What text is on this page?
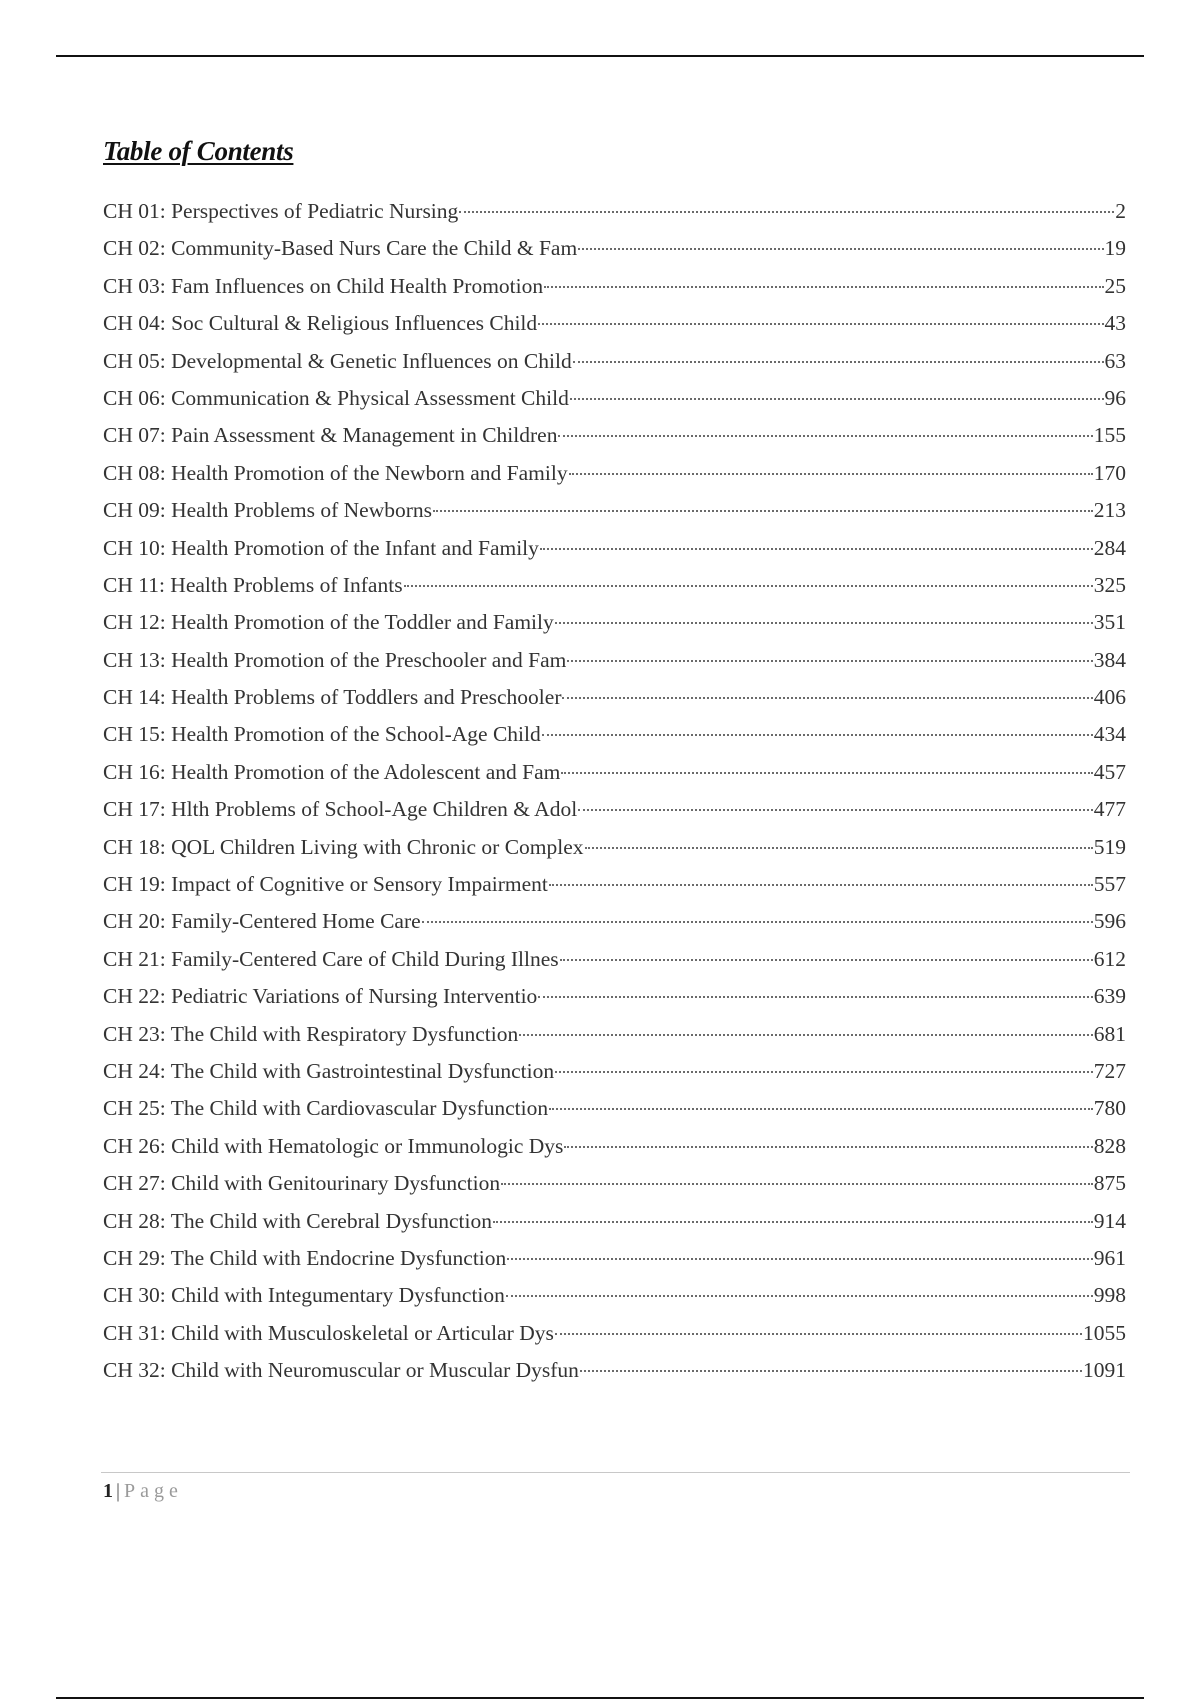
Table of Contents
CH 01: Perspectives of Pediatric Nursing	2
CH 02: Community-Based Nurs Care the Child & Fam	19
CH 03: Fam Influences on Child Health Promotion	25
CH 04: Soc Cultural & Religious Influences Child	43
CH 05: Developmental & Genetic Influences on Child	63
CH 06: Communication & Physical Assessment Child	96
CH 07: Pain Assessment & Management in Children	155
CH 08: Health Promotion of the Newborn and Family	170
CH 09: Health Problems of Newborns	213
CH 10: Health Promotion of the Infant and Family	284
CH 11: Health Problems of Infants	325
CH 12: Health Promotion of the Toddler and Family	351
CH 13: Health Promotion of the Preschooler and Fam	384
CH 14: Health Problems of Toddlers and Preschooler	406
CH 15: Health Promotion of the School-Age Child	434
CH 16: Health Promotion of the Adolescent and Fam	457
CH 17: Hlth Problems of School-Age Children & Adol	477
CH 18: QOL Children Living with Chronic or Complex	519
CH 19: Impact of Cognitive or Sensory Impairment	557
CH 20: Family-Centered Home Care	596
CH 21: Family-Centered Care of Child During Illnes	612
CH 22: Pediatric Variations of Nursing Interventio	639
CH 23: The Child with Respiratory Dysfunction	681
CH 24: The Child with Gastrointestinal Dysfunction	727
CH 25: The Child with Cardiovascular Dysfunction	780
CH 26: Child with Hematologic or Immunologic Dys	828
CH 27: Child with Genitourinary Dysfunction	875
CH 28: The Child with Cerebral Dysfunction	914
CH 29: The Child with Endocrine Dysfunction	961
CH 30: Child with Integumentary Dysfunction	998
CH 31: Child with Musculoskeletal or Articular Dys	1055
CH 32: Child with Neuromuscular or Muscular Dysfun	1091
1 | Page
